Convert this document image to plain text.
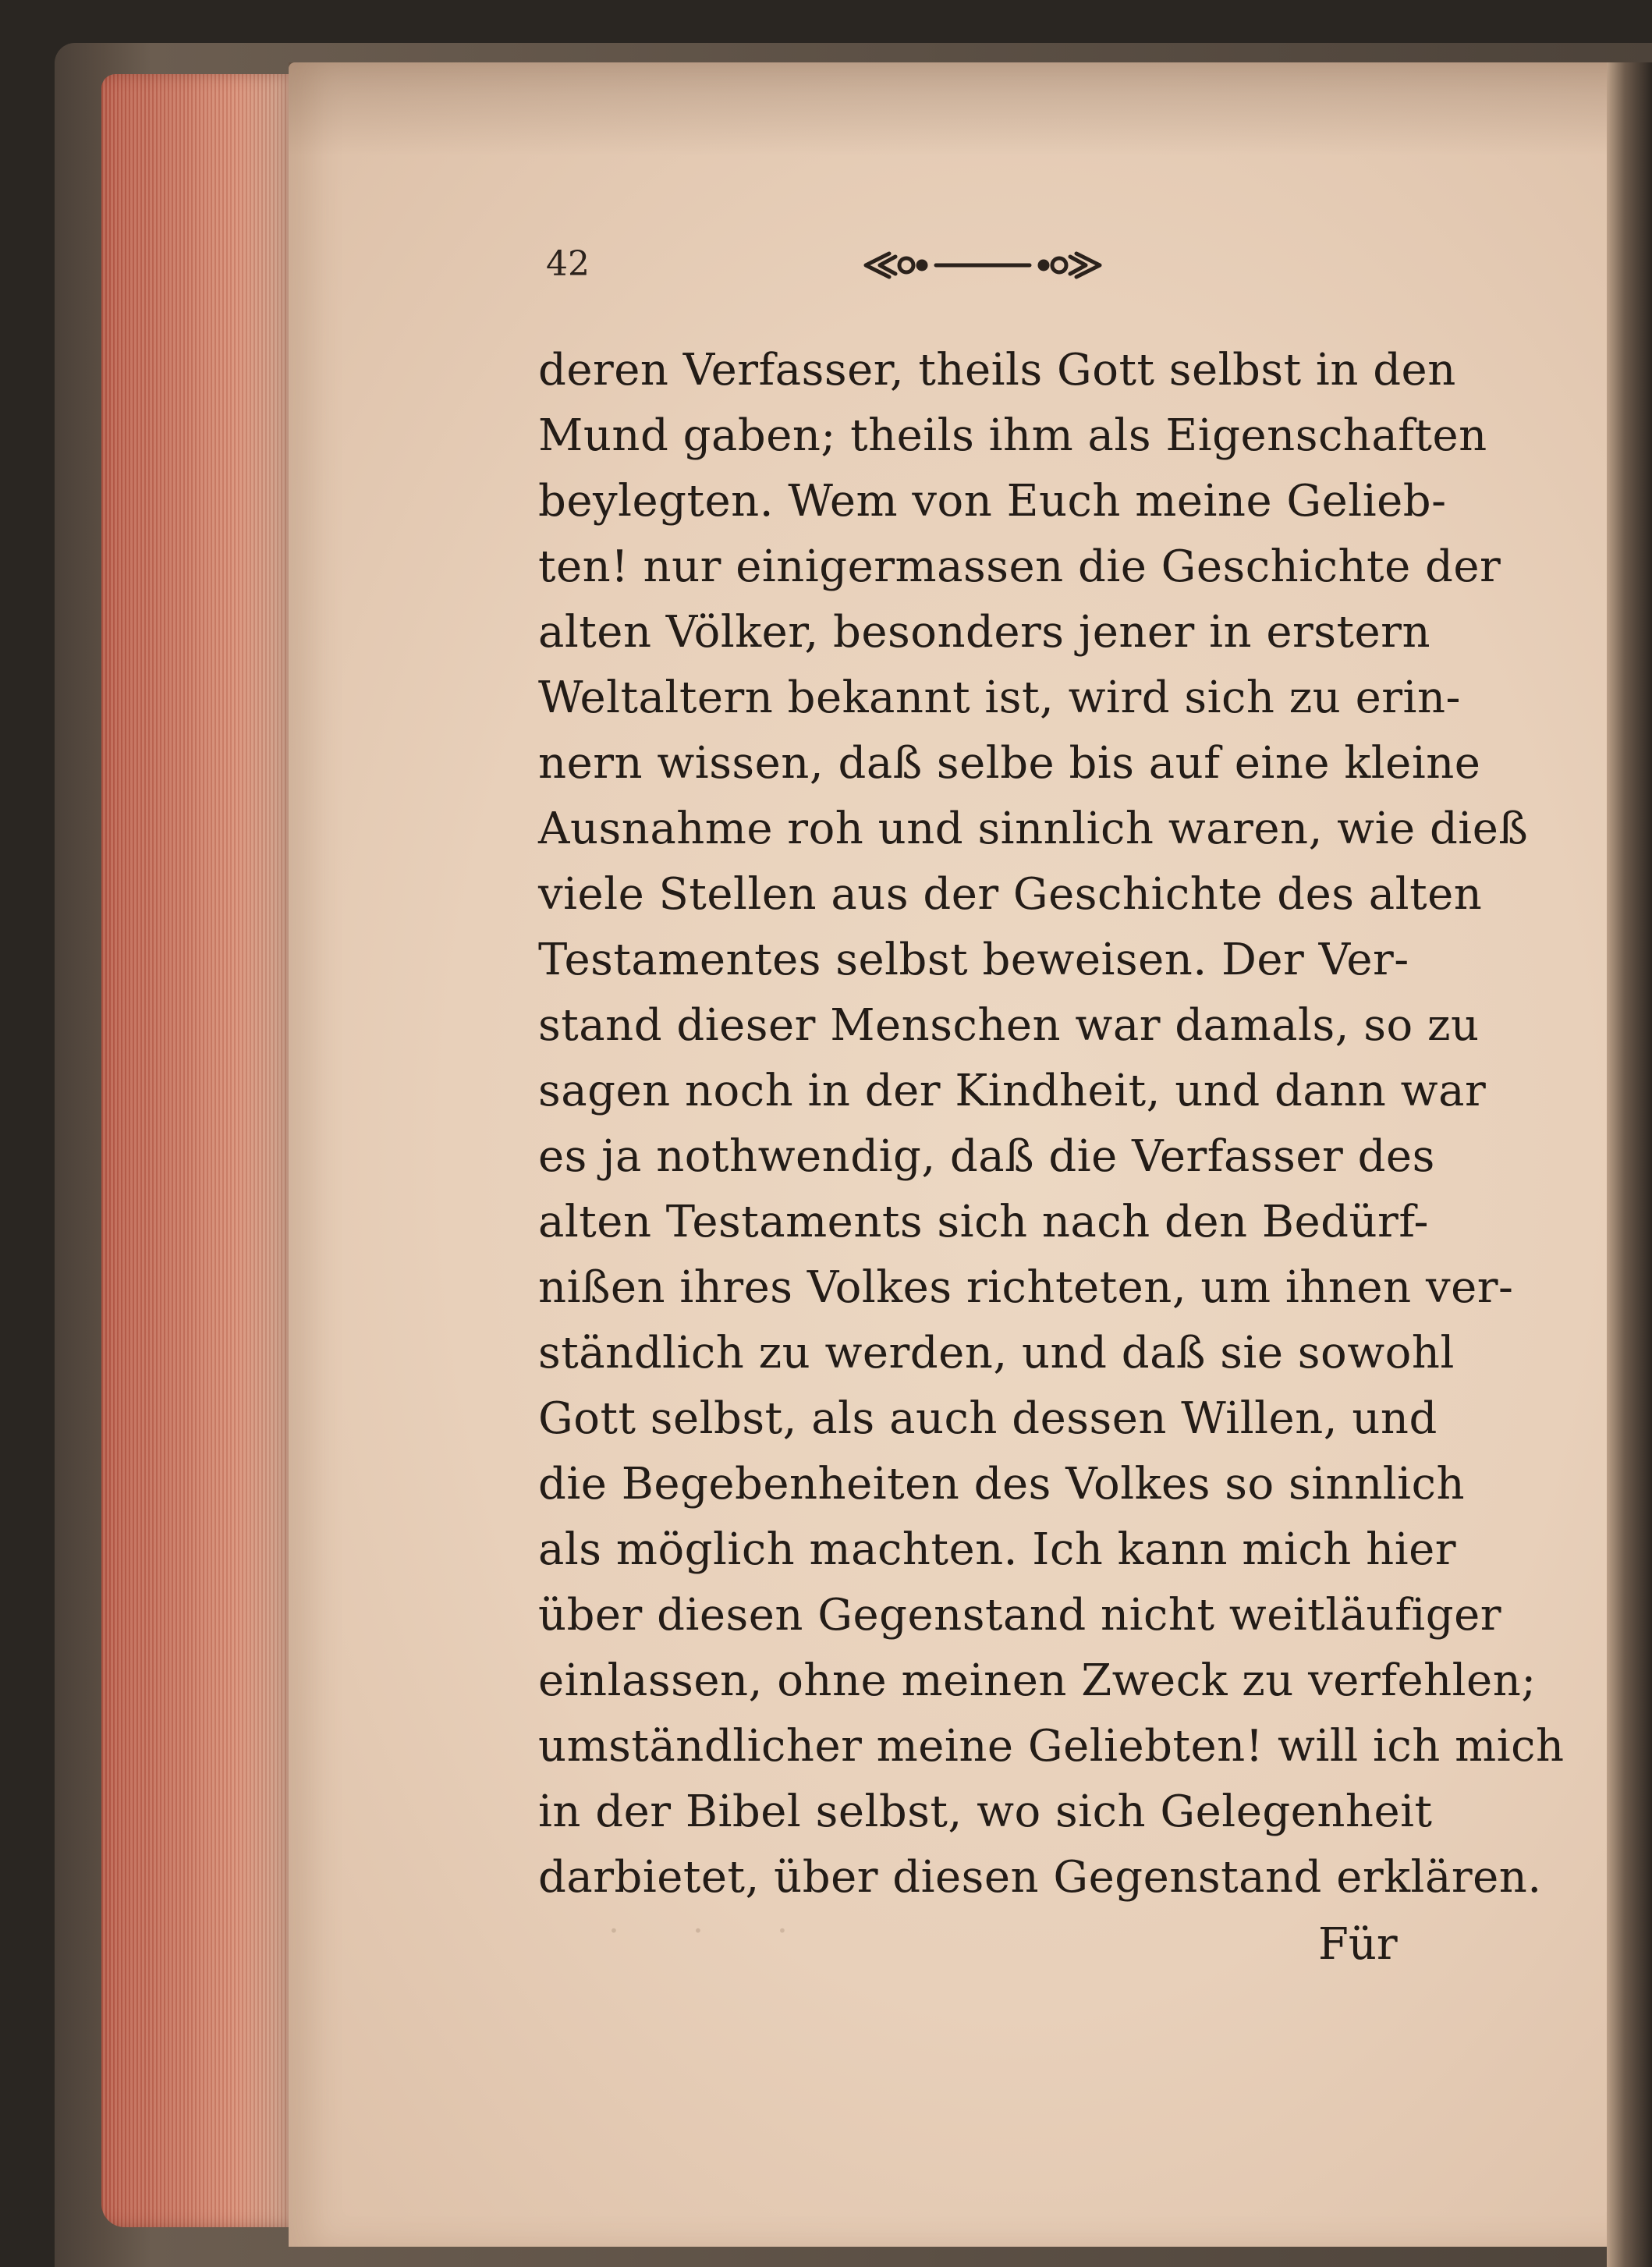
42
· · ·
deren Verfasser, theils Gott selbst in den
Mund gaben; theils ihm als Eigenschaften
beylegten. Wem von Euch meine Gelieb-
ten! nur einigermassen die Geschichte der
alten Völker, besonders jener in erstern
Weltaltern bekannt ist, wird sich zu erin-
nern wissen, daß selbe bis auf eine kleine
Ausnahme roh und sinnlich waren, wie dieß
viele Stellen aus der Geschichte des alten
Testamentes selbst beweisen. Der Ver-
stand dieser Menschen war damals, so zu
sagen noch in der Kindheit, und dann war
es ja nothwendig, daß die Verfasser des
alten Testaments sich nach den Bedürf-
nißen ihres Volkes richteten, um ihnen ver-
ständlich zu werden, und daß sie sowohl
Gott selbst, als auch dessen Willen, und
die Begebenheiten des Volkes so sinnlich
als möglich machten. Ich kann mich hier
über diesen Gegenstand nicht weitläufiger
einlassen, ohne meinen Zweck zu verfehlen;
umständlicher meine Geliebten! will ich mich
in der Bibel selbst, wo sich Gelegenheit
darbietet, über diesen Gegenstand erklären.
Für
